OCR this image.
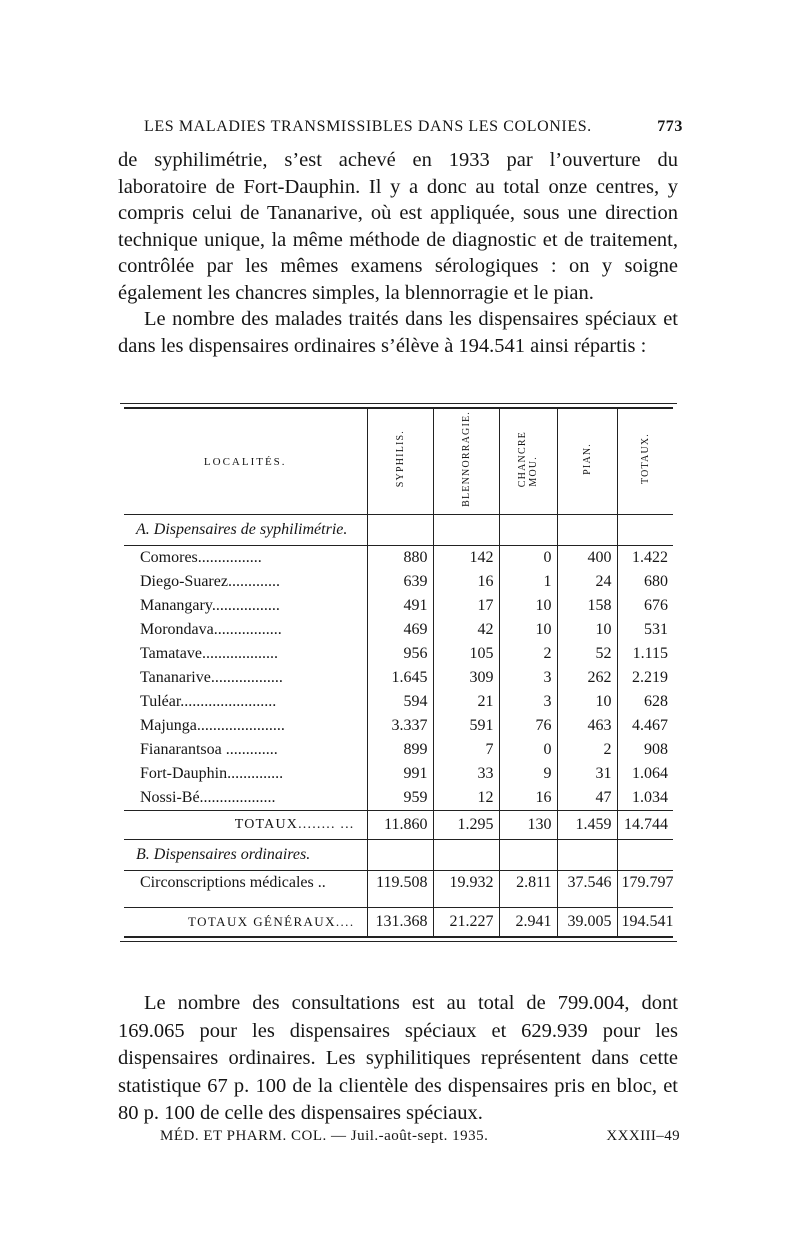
LES MALADIES TRANSMISSIBLES DANS LES COLONIES.	773

de syphilimétrie, s’est achevé en 1933 par l’ouverture du laboratoire de Fort-Dauphin. Il y a donc au total onze centres, y compris celui de Tananarive, où est appliquée, sous une direction technique unique, la même méthode de diagnostic et de traitement, contrôlée par les mêmes examens sérologiques : on y soigne également les chancres simples, la blennorragie et le pian.

Le nombre des malades traités dans les dispensaires spéciaux et dans les dispensaires ordinaires s’élève à 194.541 ainsi répartis :

LOCALITÉS.	SYPHILIS.	BLENNORRAGIE.	CHANCREMOU.	PIAN.	TOTAUX.
A. Dispensaires de syphilimétrie.					
Comores................	880	142	0	400	1.422
Diego-Suarez.............	639	16	1	24	680
Manangary.................	491	17	10	158	676
Morondava.................	469	42	10	10	531
Tamatave...................	956	105	2	52	1.115
Tananarive..................	1.645	309	3	262	2.219
Tuléar........................	594	21	3	10	628
Majunga......................	3.337	591	76	463	4.467
Fianarantsoa .............	899	7	0	2	908
Fort-Dauphin..............	991	33	9	31	1.064
Nossi-Bé...................	959	12	16	47	1.034
TOTAUX........ ...	11.860	1.295	130	1.459	14.744
B. Dispensaires ordinaires.					
Circonscriptions médicales ..	119.508	19.932	2.811	37.546	179.797

TOTAUX GÉNÉRAUX....	131.368	21.227	2.941	39.005	194.541
Le nombre des consultations est au total de 799.004, dont 169.065 pour les dispensaires spéciaux et 629.939 pour les dispensaires ordinaires. Les syphilitiques représentent dans cette statistique 67 p. 100 de la clientèle des dispensaires pris en bloc, et 80 p. 100 de celle des dispensaires spéciaux.
MÉD. ET PHARM. COL. — Juil.-août-sept. 1935.	XXXIII–49
